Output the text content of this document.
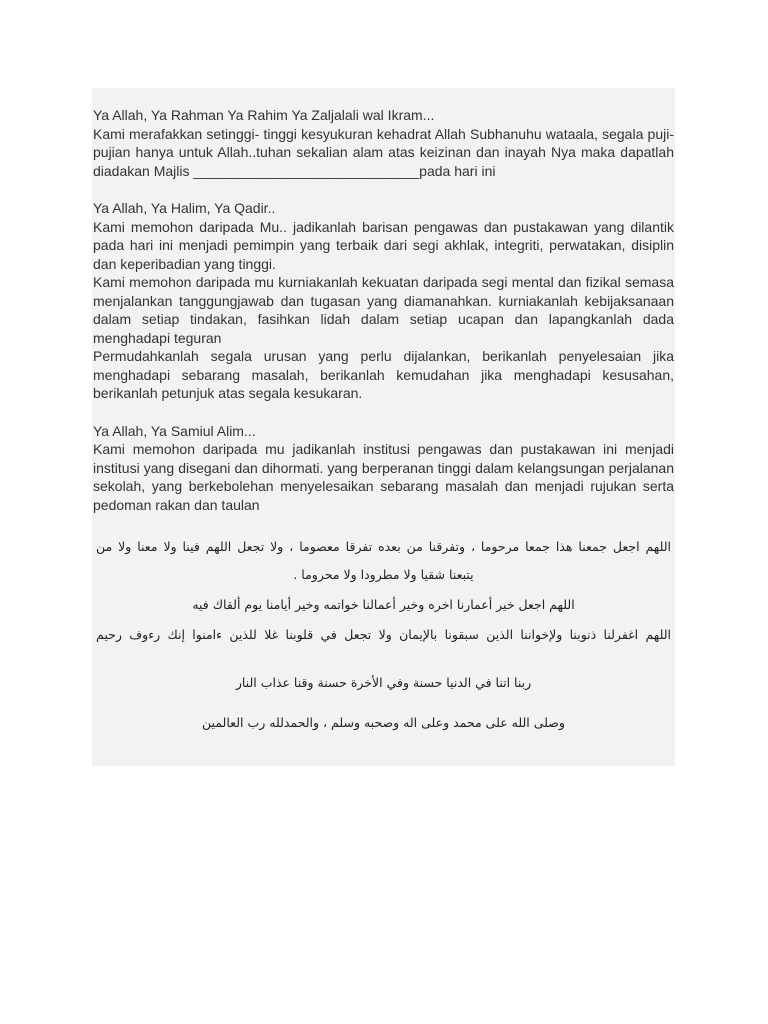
Ya Allah, Ya Rahman Ya Rahim Ya Zaljalali wal Ikram...
Kami merafakkan setinggi- tinggi kesyukuran kehadrat Allah Subhanuhu wataala, segala puji- pujian hanya untuk Allah..tuhan sekalian alam atas keizinan dan inayah Nya maka dapatlah diadakan Majlis _____________________________pada hari ini
Ya Allah, Ya Halim, Ya Qadir..
Kami memohon daripada Mu.. jadikanlah barisan pengawas dan pustakawan yang dilantik pada hari ini menjadi pemimpin yang terbaik dari segi akhlak, integriti, perwatakan, disiplin dan keperibadian yang tinggi.
Kami memohon daripada mu kurniakanlah kekuatan daripada segi mental dan fizikal semasa menjalankan tanggungjawab dan tugasan yang diamanahkan. kurniakanlah kebijaksanaan dalam setiap tindakan, fasihkan lidah dalam setiap ucapan dan lapangkanlah dada menghadapi teguran
Permudahkanlah segala urusan yang perlu dijalankan, berikanlah penyelesaian jika menghadapi sebarang masalah, berikanlah kemudahan jika menghadapi kesusahan, berikanlah petunjuk atas segala kesukaran.
Ya Allah, Ya Samiul Alim...
Kami memohon daripada mu jadikanlah institusi pengawas dan pustakawan ini menjadi institusi yang disegani dan dihormati. yang berperanan tinggi dalam kelangsungan perjalanan sekolah, yang berkebolehan menyelesaikan sebarang masalah dan menjadi rujukan serta pedoman rakan dan taulan
اللهم اجعل جمعنا هذا جمعا مرحوما ، وتفرقنا من بعده تفرقا معصوما ، ولا تجعل اللهم فينا ولا معنا ولا من
يتبعنا شقيا ولا مطرودا ولا محروما .
اللهم اجعل خير أعمارنا اخره وخير أعمالنا خواتمه وخير أيامنا يوم ألقاك فيه
اللهم اغفرلنا ذنوبنا ولإخواننا الذين سبقونا بالإيمان ولا تجعل في قلوبنا غلا للذين ءامنوا إنك رءوف رحيم
ربنا اتنا في الدنيا حسنة وفي الأخرة حسنة وقنا عذاب النار
وصلى الله على محمد وعلى اله وصحبه وسلم ، والحمدلله رب العالمين
